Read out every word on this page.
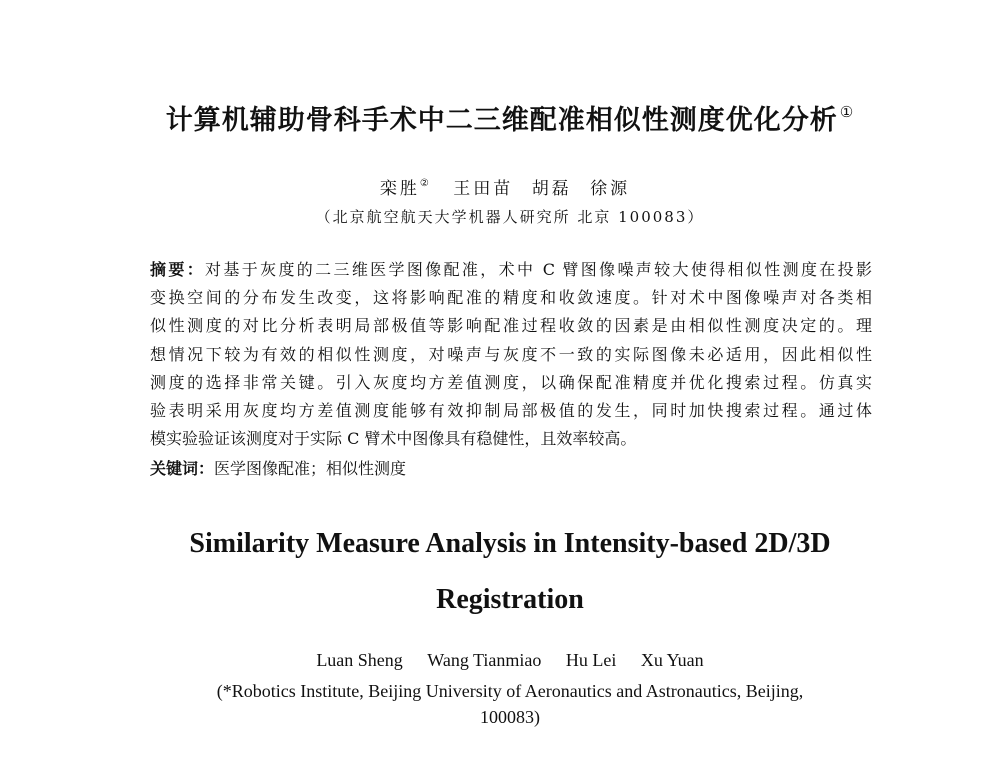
计算机辅助骨科手术中二三维配准相似性测度优化分析 ①
栾胜② 王田苗 胡磊 徐源
（北京航空航天大学机器人研究所 北京 100083）
摘要：对基于灰度的二三维医学图像配准，术中 C 臂图像噪声较大使得相似性测度在投影
变换空间的分布发生改变，这将影响配准的精度和收敛速度。针对术中图像噪声对各类相
似性测度的对比分析表明局部极值等影响配准过程收敛的因素是由相似性测度决定的。理
想情况下较为有效的相似性测度，对噪声与灰度不一致的实际图像未必适用，因此相似性
测度的选择非常关键。引入灰度均方差值测度，以确保配准精度并优化搜索过程。仿真实
验表明采用灰度均方差值测度能够有效抑制局部极值的发生，同时加快搜索过程。通过体
模实验验证该测度对于实际 C 臂术中图像具有稳健性，且效率较高。
关键词：医学图像配准；相似性测度
Similarity Measure Analysis in Intensity-based 2D/3D
Registration
Luan Sheng Wang Tianmiao Hu Lei Xu Yuan
(*Robotics Institute, Beijing University of Aeronautics and Astronautics, Beijing,
100083)
